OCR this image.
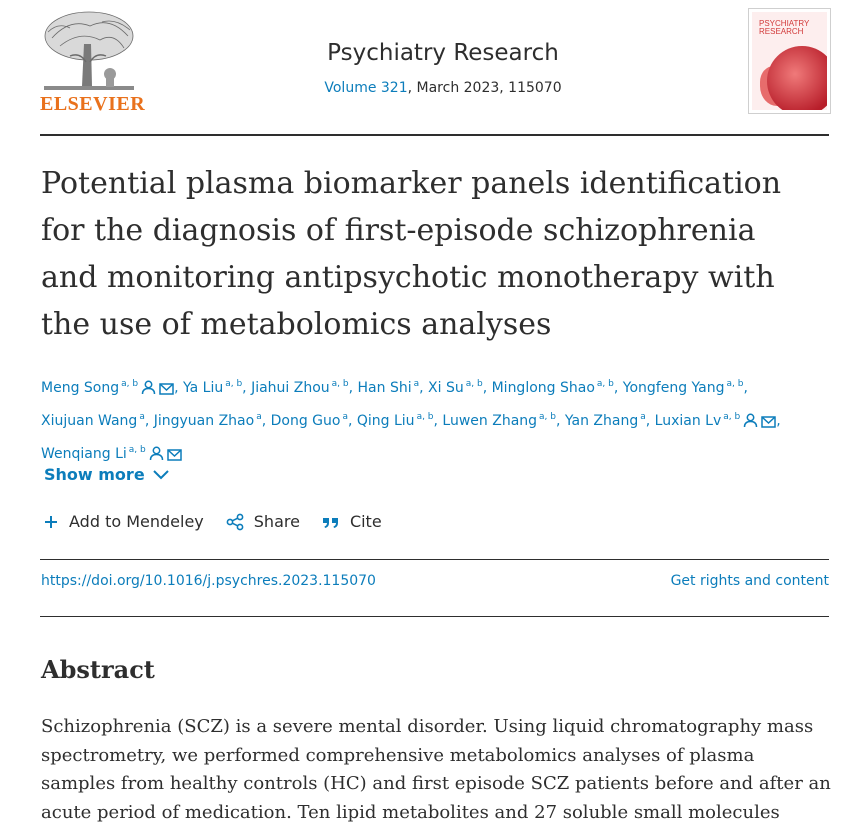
ELSEVIER
Psychiatry Research
Volume 321, March 2023, 115070
PSYCHIATRY
RESEARCH
Potential plasma biomarker panels identification for the diagnosis of first-episode schizophrenia and monitoring antipsychotic monotherapy with the use of metabolomics analyses
Meng Song $^{a, b}$	, Ya Liu $^{a, b}$, Jiahui Zhou $^{a, b}$, Han Shi $^a$, Xi Su $^{a, b}$, Minglong Shao $^{a, b}$, Yongfeng Yang $^{a, b}$, Xiujuan Wang $^a$, Jingyuan Zhao $^a$, Dong Guo $^a$, Qing Liu $^{a, b}$, Luwen Zhang $^{a, b}$, Yan Zhang $^a$, Luxian Lv $^{a, b}$	, Wenqiang Li $^{a, b}$
Show more
Add to Mendeley	Share	Cite
https://doi.org/10.1016/j.psychres.2023.115070	Get rights and content
Abstract

Schizophrenia (SCZ) is a severe mental disorder. Using liquid chromatography mass spectrometry, we performed comprehensive metabolomics analyses of plasma samples from healthy controls (HC) and first episode SCZ patients before and after an acute period of medication. Ten lipid metabolites and 27 soluble small molecules
